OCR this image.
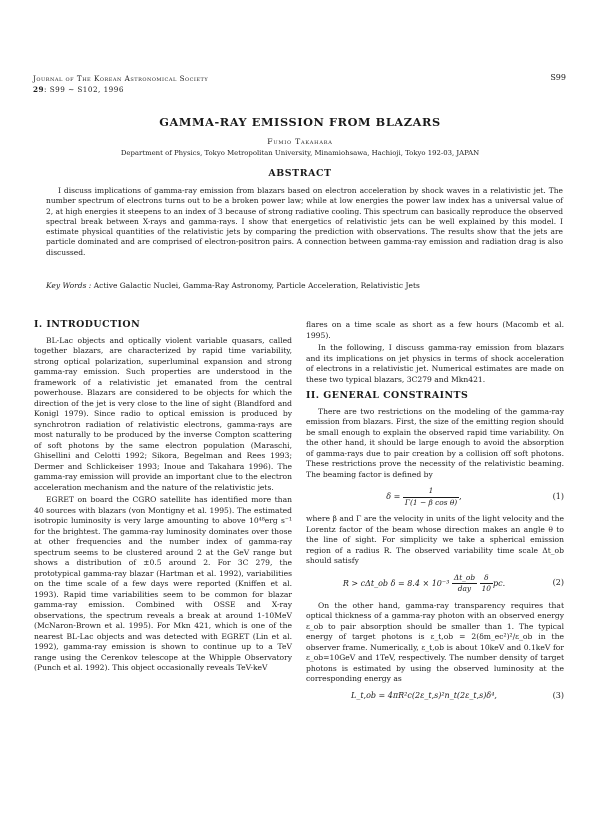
Journal of The Korean Astronomical Society
29: S99 ∼ S102, 1996
S99
GAMMA-RAY EMISSION FROM BLAZARS
Fumio Takahara
Department of Physics, Tokyo Metropolitan University, Minamiohsawa, Hachioji, Tokyo 192-03, JAPAN
ABSTRACT
I discuss implications of gamma-ray emission from blazars based on electron acceleration by shock waves in a relativistic jet. The number spectrum of electrons turns out to be a broken power law; while at low energies the power law index has a universal value of 2, at high energies it steepens to an index of 3 because of strong radiative cooling. This spectrum can basically reproduce the observed spectral break between X-rays and gamma-rays. I show that energetics of relativistic jets can be well explained by this model. I estimate physical quantities of the relativistic jets by comparing the prediction with observations. The results show that the jets are particle dominated and are comprised of electron-positron pairs. A connection between gamma-ray emission and radiation drag is also discussed.
Key Words : Active Galactic Nuclei, Gamma-Ray Astronomy, Particle Acceleration, Relativistic Jets
I. INTRODUCTION

BL-Lac objects and optically violent variable quasars, called together blazars, are characterized by rapid time variability, strong optical polarization, superluminal expansion and strong gamma-ray emission. Such properties are understood in the framework of a relativistic jet emanated from the central powerhouse. Blazars are considered to be objects for which the direction of the jet is very close to the line of sight (Blandford and Konigl 1979). Since radio to optical emission is produced by synchrotron radiation of relativistic electrons, gamma-rays are most naturally to be produced by the inverse Compton scattering of soft photons by the same electron population (Maraschi, Ghisellini and Celotti 1992; Sikora, Begelman and Rees 1993; Dermer and Schlickeiser 1993; Inoue and Takahara 1996). The gamma-ray emission will provide an important clue to the electron acceleration mechanism and the nature of the relativistic jets.

EGRET on board the CGRO satellite has identified more than 40 sources with blazars (von Montigny et al. 1995). The estimated isotropic luminosity is very large amounting to above 10⁴⁸erg s⁻¹ for the brightest. The gamma-ray luminosity dominates over those at other frequencies and the number index of gamma-ray spectrum seems to be clustered around 2 at the GeV range but shows a distribution of ±0.5 around 2. For 3C 279, the prototypical gamma-ray blazar (Hartman et al. 1992), variabilities on the time scale of a few days were reported (Kniffen et al. 1993). Rapid time variabilities seem to be common for blazar gamma-ray emission. Combined with OSSE and X-ray observations, the spectrum reveals a break at around 1-10MeV (McNaron-Brown et al. 1995). For Mkn 421, which is one of the nearest BL-Lac objects and was detected with EGRET (Lin et al. 1992), gamma-ray emission is shown to continue up to a TeV range using the Cerenkov telescope at the Whipple Observatory (Punch et al. 1992). This object occasionally reveals TeV-keV

flares on a time scale as short as a few hours (Macomb et al. 1995).

In the following, I discuss gamma-ray emission from blazars and its implications on jet physics in terms of shock acceleration of electrons in a relativistic jet. Numerical estimates are made on these two typical blazars, 3C279 and Mkn421.

II. GENERAL CONSTRAINTS

There are two restrictions on the modeling of the gamma-ray emission from blazars. First, the size of the emitting region should be small enough to explain the observed rapid time variability. On the other hand, it should be large enough to avoid the absorption of gamma-rays due to pair creation by a collision off soft photons. These restrictions prove the necessity of the relativistic beaming. The beaming factor is defined by

$\delta = \frac{1}{\text{Γ(1 − β cos θ)}}$ ,	(1)

where β and Γ are the velocity in units of the light velocity and the Lorentz factor of the beam whose direction makes an angle θ to the line of sight. For simplicity we take a spherical emission region of a radius R. The observed variability time scale Δt_ob should satisfy

R > cΔt_ob $\delta = 8.4 \times 10^{-3} \frac{\Delta t\_ob}{\text{day}}$
$\frac{\delta}{10}$ pc.	(2)

On the other hand, gamma-ray transparency requires that optical thickness of a gamma-ray photon with an observed energy ε_ob to pair absorption should be smaller than 1. The typical energy of target photons is ε_t,ob = 2(δm_ec²)²/ε_ob in the observer frame. Numerically, ε_t,ob is about 10keV and 0.1keV for ε_ob=10GeV and 1TeV, respectively. The number density of target photons is estimated by using the observed luminosity at the corresponding energy as

L_t,ob = 4πR²c(2ε_t,s)²n_t(2ε_t,s)δ⁴,	(3)
